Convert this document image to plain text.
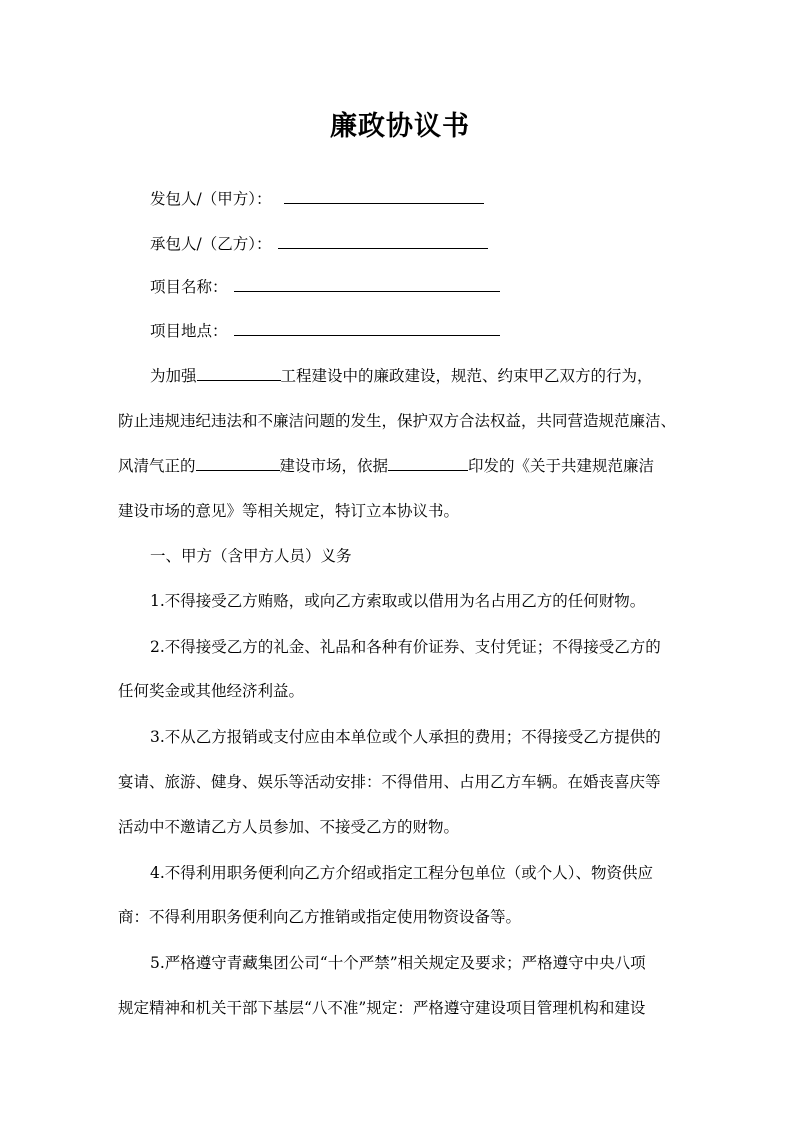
廉政协议书
发包人/（甲方）：
承包人/（乙方）：
项目名称：
项目地点：
为加强	工程建设中的廉政建设，规范、约束甲乙双方的行为，
防止违规违纪违法和不廉洁问题的发生，保护双方合法权益，共同营造规范廉洁、
风清气正的	建设市场，依据	印发的《关于共建规范廉洁
建设市场的意见》等相关规定，特订立本协议书。
一、甲方（含甲方人员）义务
1.不得接受乙方贿赂，或向乙方索取或以借用为名占用乙方的任何财物。
2.不得接受乙方的礼金、礼品和各种有价证券、支付凭证；不得接受乙方的
任何奖金或其他经济利益。
3.不从乙方报销或支付应由本单位或个人承担的费用；不得接受乙方提供的
宴请、旅游、健身、娱乐等活动安排：不得借用、占用乙方车辆。在婚丧喜庆等
活动中不邀请乙方人员参加、不接受乙方的财物。
4.不得利用职务便利向乙方介绍或指定工程分包单位（或个人）、物资供应
商：不得利用职务便利向乙方推销或指定使用物资设备等。
5.严格遵守青藏集团公司“十个严禁”相关规定及要求；严格遵守中央八项
规定精神和机关干部下基层“八不准”规定：严格遵守建设项目管理机构和建设
